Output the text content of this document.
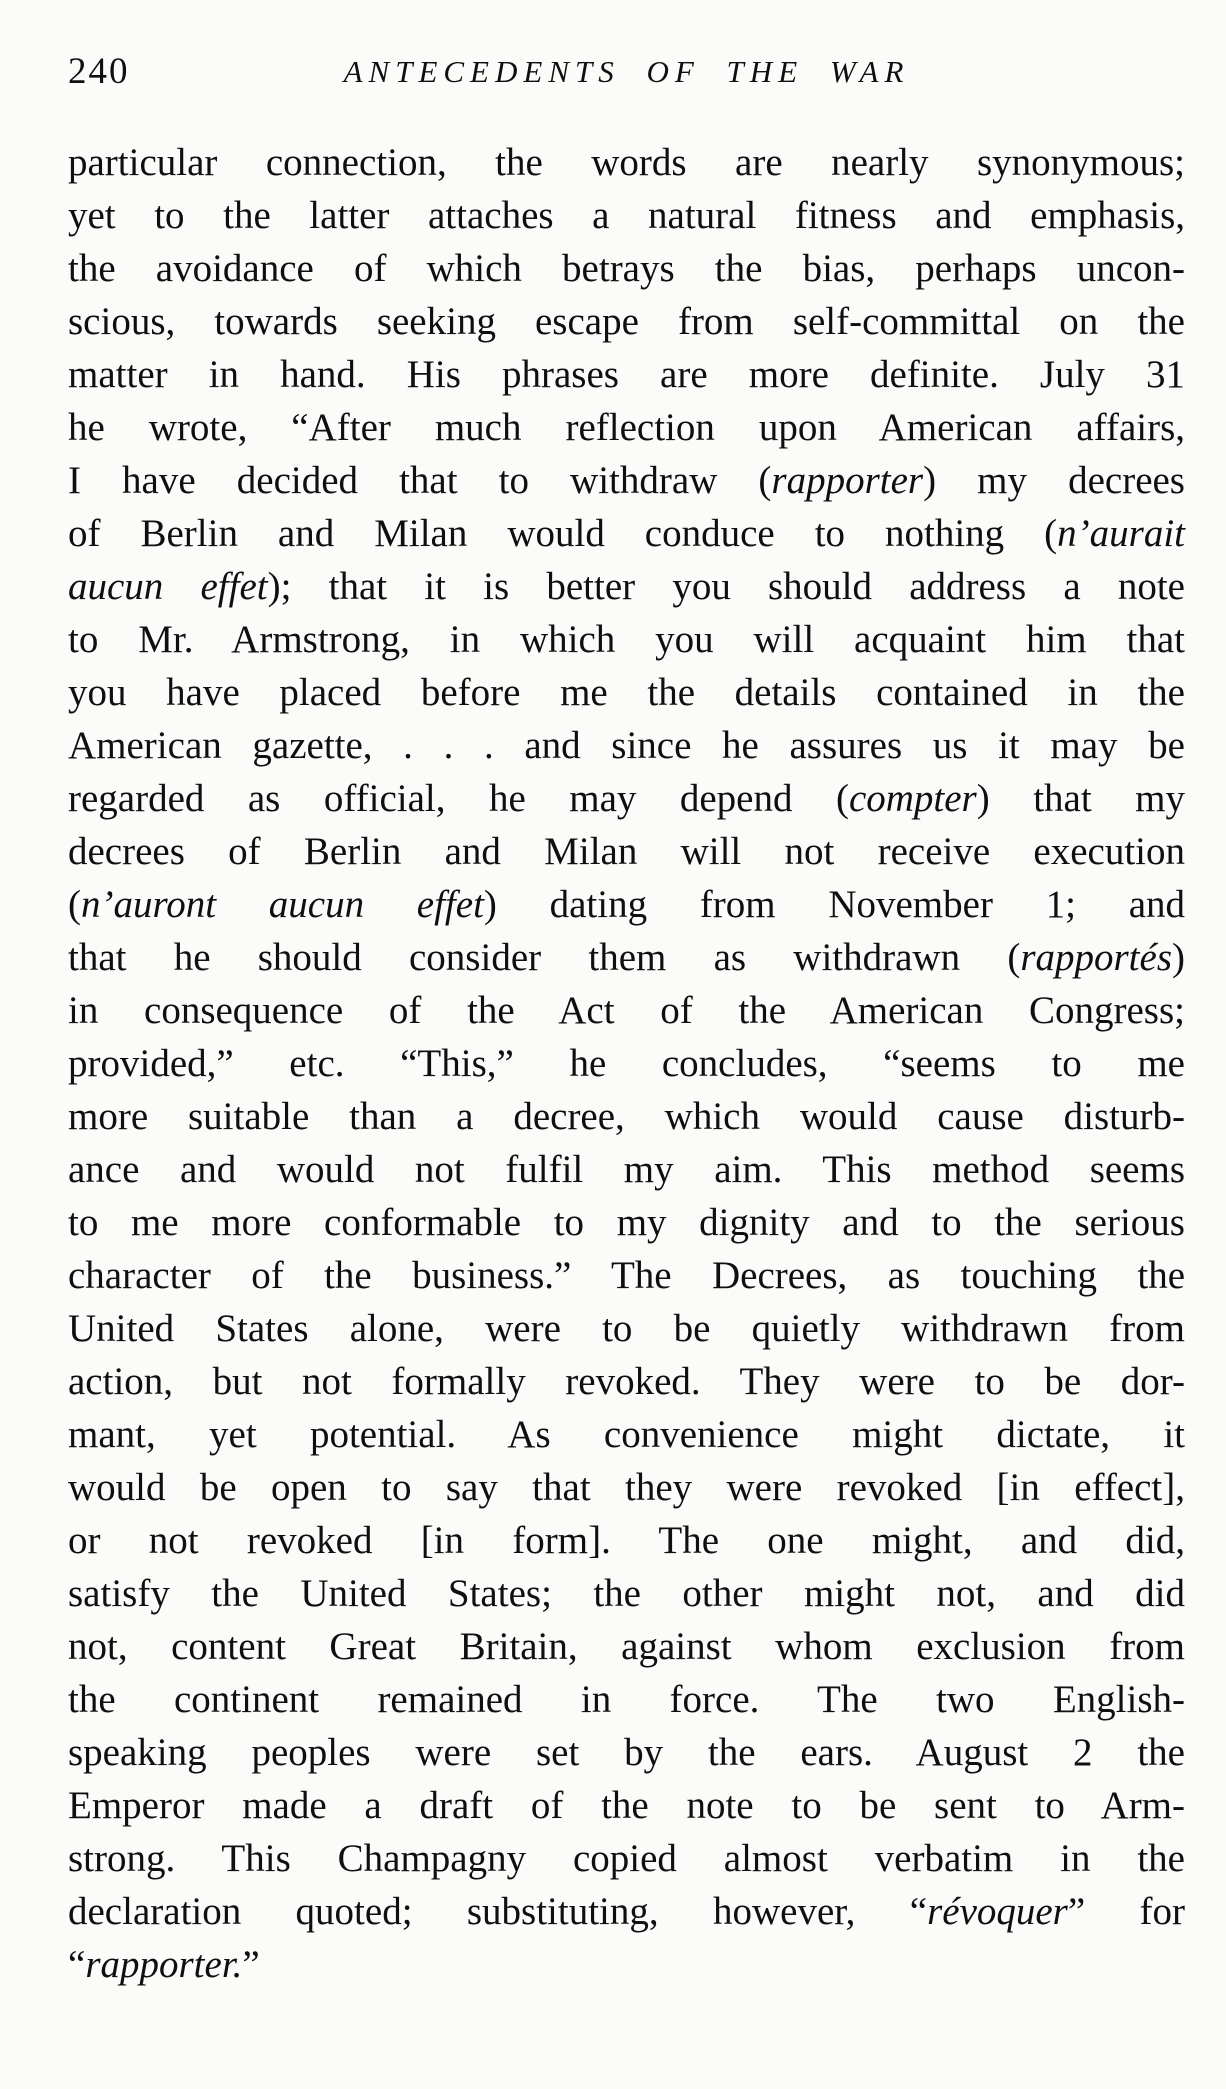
240	ANTECEDENTS OF THE WAR
particular connection, the words are nearly synonymous;
yet to the latter attaches a natural fitness and emphasis,
the avoidance of which betrays the bias, perhaps uncon-
scious, towards seeking escape from self-committal on the
matter in hand. His phrases are more definite. July 31
he wrote, “After much reflection upon American affairs,
I have decided that to withdraw (rapporter) my decrees
of Berlin and Milan would conduce to nothing (n’aurait
aucun effet); that it is better you should address a note
to Mr. Armstrong, in which you will acquaint him that
you have placed before me the details contained in the
American gazette, . . . and since he assures us it may be
regarded as official, he may depend (compter) that my
decrees of Berlin and Milan will not receive execution
(n’auront aucun effet) dating from November 1; and
that he should consider them as withdrawn (rapportés)
in consequence of the Act of the American Congress;
provided,” etc. “This,” he concludes, “seems to me
more suitable than a decree, which would cause disturb-
ance and would not fulfil my aim. This method seems
to me more conformable to my dignity and to the serious
character of the business.” The Decrees, as touching the
United States alone, were to be quietly withdrawn from
action, but not formally revoked. They were to be dor-
mant, yet potential. As convenience might dictate, it
would be open to say that they were revoked [in effect],
or not revoked [in form]. The one might, and did,
satisfy the United States; the other might not, and did
not, content Great Britain, against whom exclusion from
the continent remained in force. The two English-
speaking peoples were set by the ears. August 2 the
Emperor made a draft of the note to be sent to Arm-
strong. This Champagny copied almost verbatim in the
declaration quoted; substituting, however, “révoquer” for
“rapporter.”
